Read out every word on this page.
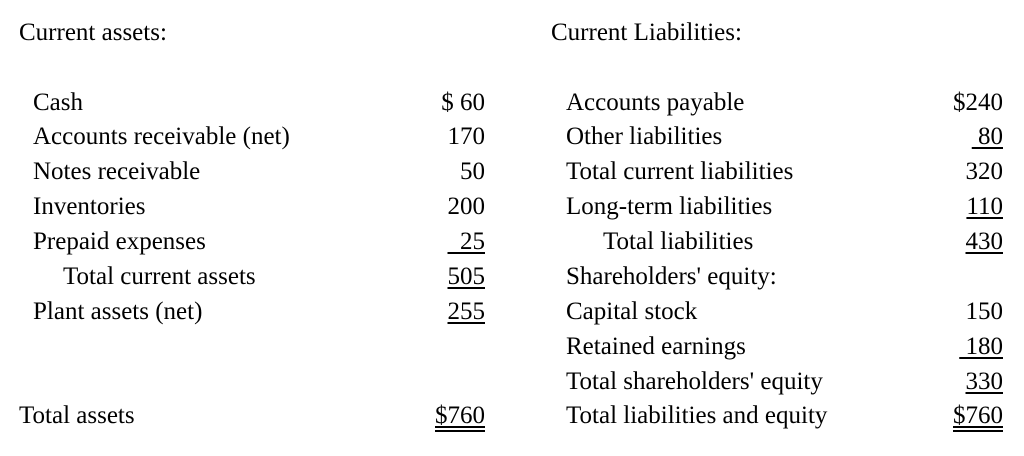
Current assets:
Cash	$ 60
Accounts receivable (net)	170
Notes receivable	50
Inventories	200
Prepaid expenses	25
Total current assets	505
Plant assets (net)	255
Total assets	$760
Current Liabilities:
Accounts payable	$240
Other liabilities	80
Total current liabilities	320
Long-term liabilities	110
Total liabilities	430
Shareholders' equity:
Capital stock	150
Retained earnings	180
Total shareholders' equity	330
Total liabilities and equity	$760
